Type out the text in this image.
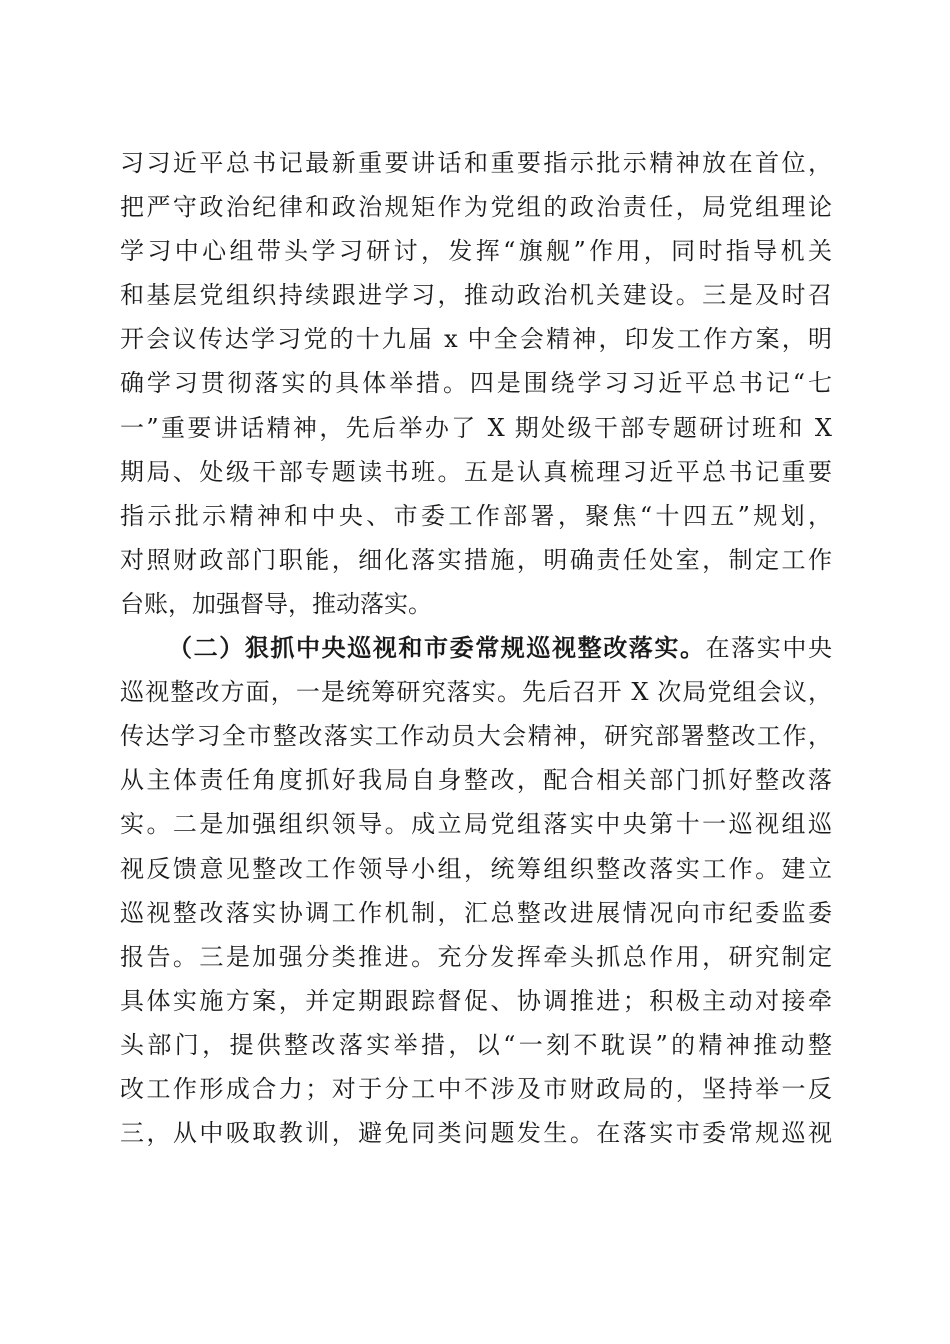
习习近平总书记最新重要讲话和重要指示批示精神放在首位，
把严守政治纪律和政治规矩作为党组的政治责任，局党组理论
学习中心组带头学习研讨，发挥“旗舰”作用，同时指导机关
和基层党组织持续跟进学习，推动政治机关建设。三是及时召
开会议传达学习党的十九届 x 中全会精神，印发工作方案，明
确学习贯彻落实的具体举措。四是围绕学习习近平总书记“七
一”重要讲话精神，先后举办了 X 期处级干部专题研讨班和 X
期局、处级干部专题读书班。五是认真梳理习近平总书记重要
指示批示精神和中央、市委工作部署，聚焦“十四五”规划，
对照财政部门职能，细化落实措施，明确责任处室，制定工作
台账，加强督导，推动落实。
（二）狠抓中央巡视和市委常规巡视整改落实。在落实中央
巡视整改方面，一是统筹研究落实。先后召开 X 次局党组会议，
传达学习全市整改落实工作动员大会精神，研究部署整改工作，
从主体责任角度抓好我局自身整改，配合相关部门抓好整改落
实。二是加强组织领导。成立局党组落实中央第十一巡视组巡
视反馈意见整改工作领导小组，统筹组织整改落实工作。建立
巡视整改落实协调工作机制，汇总整改进展情况向市纪委监委
报告。三是加强分类推进。充分发挥牵头抓总作用，研究制定
具体实施方案，并定期跟踪督促、协调推进；积极主动对接牵
头部门，提供整改落实举措，以“一刻不耽误”的精神推动整
改工作形成合力；对于分工中不涉及市财政局的，坚持举一反
三，从中吸取教训，避免同类问题发生。在落实市委常规巡视
